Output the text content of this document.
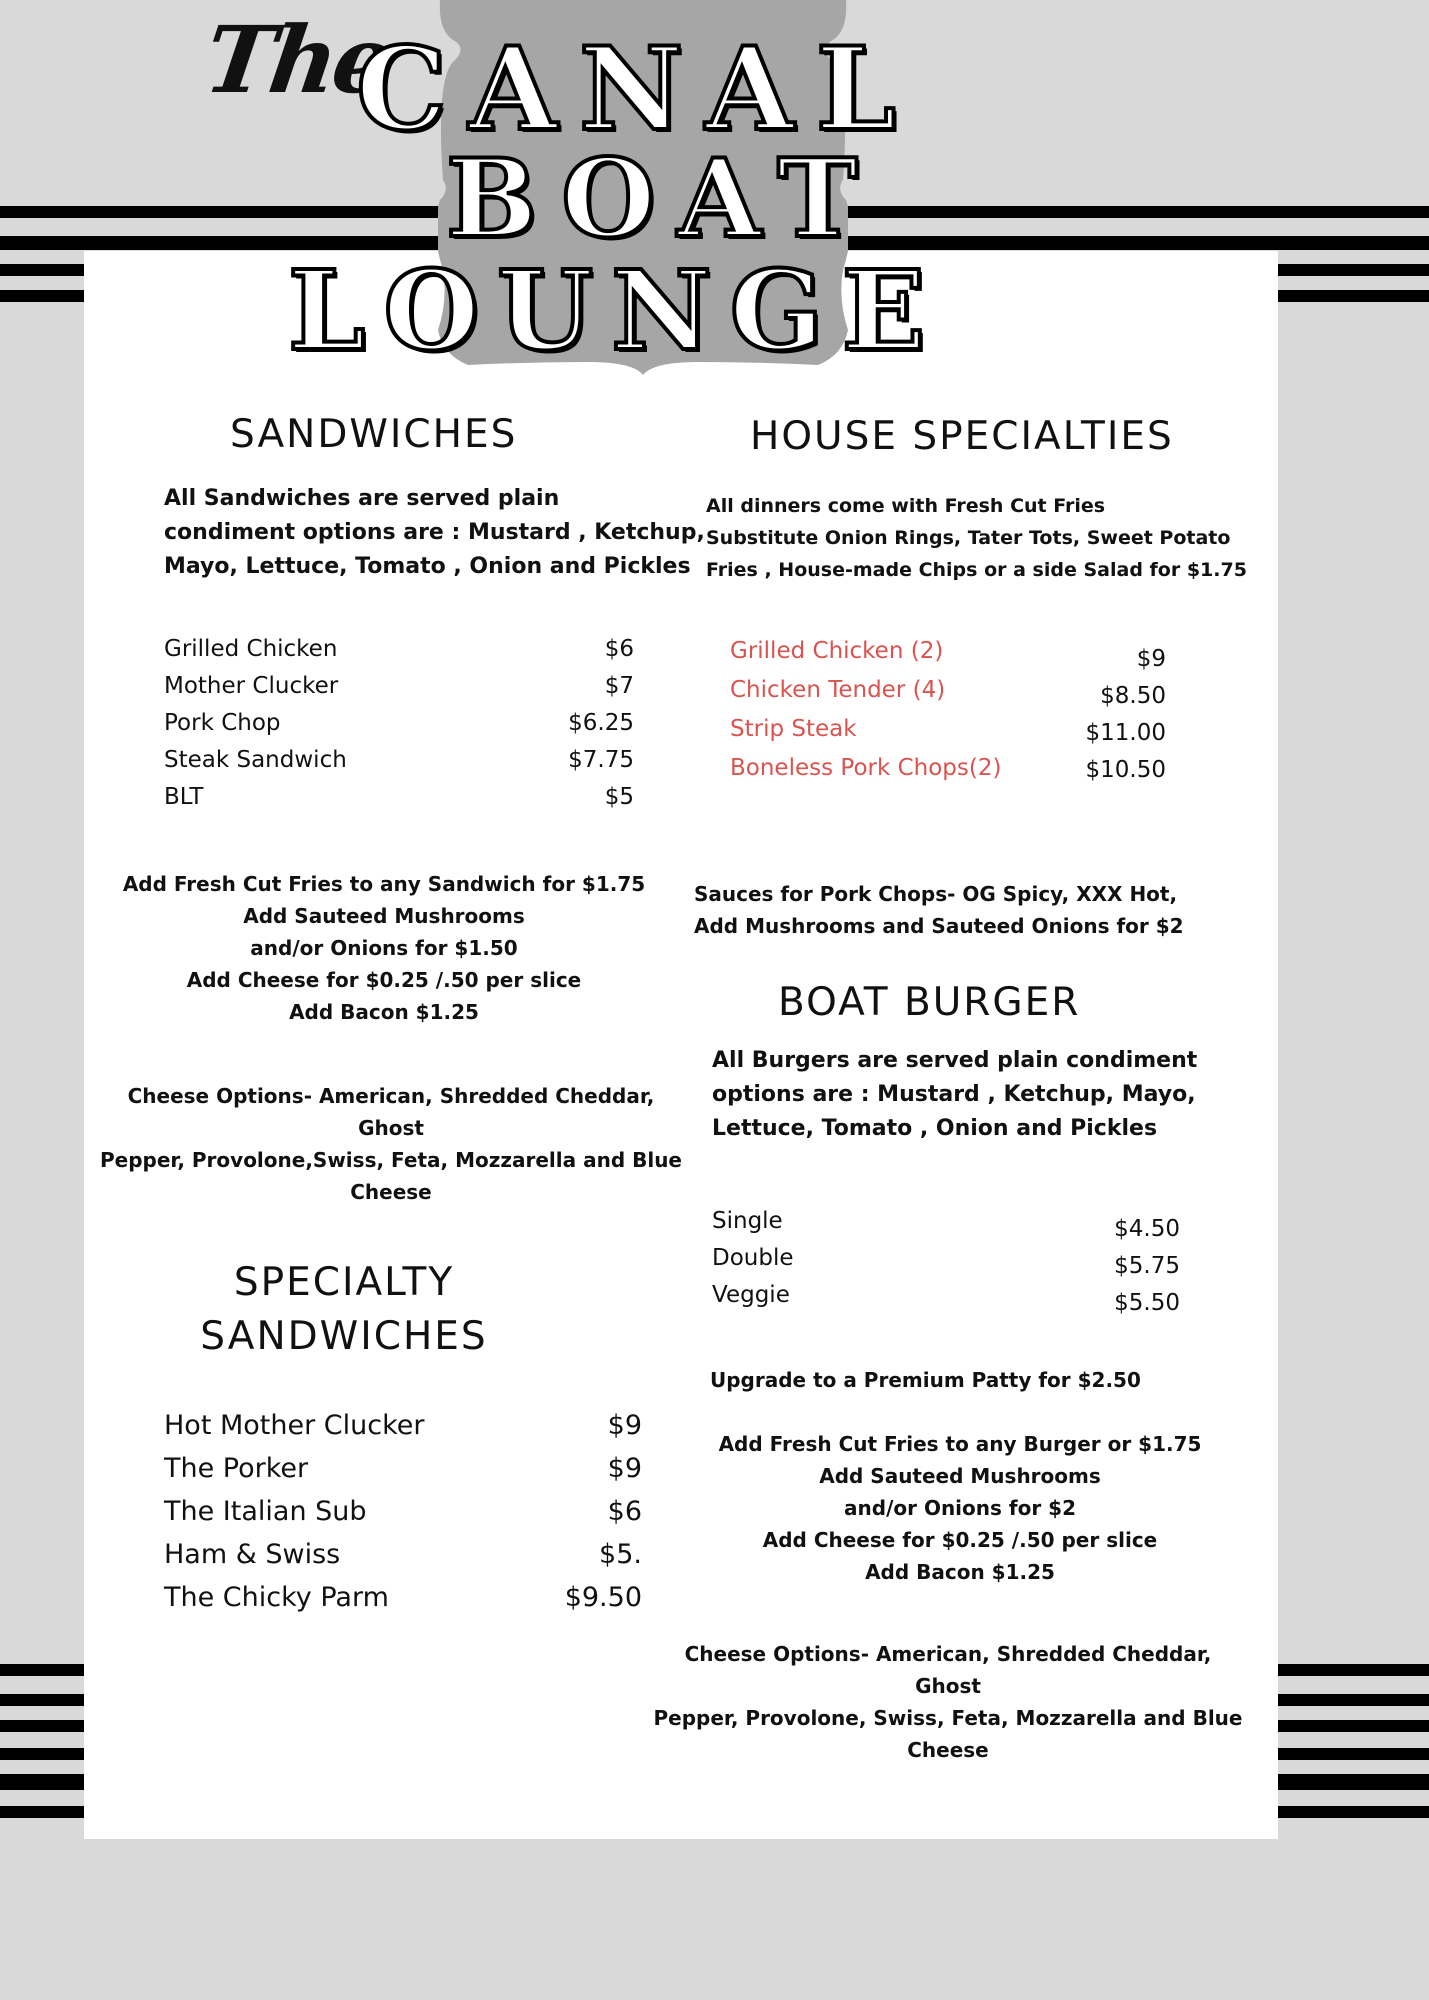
The
CANAL
BOAT
LOUNGE
SANDWICHES
All Sandwiches are served plain
condiment options are : Mustard , Ketchup,
Mayo, Lettuce, Tomato , Onion and Pickles
Grilled Chicken	$6
Mother Clucker	$7
Pork Chop	$6.25
Steak Sandwich	$7.75
BLT	$5
Add Fresh Cut Fries to any Sandwich for $1.75
Add Sauteed Mushrooms
and/or Onions for $1.50
Add Cheese for $0.25 /.50 per slice
Add Bacon $1.25
Cheese Options- American, Shredded Cheddar, Ghost
Pepper, Provolone,Swiss, Feta, Mozzarella and Blue
Cheese
SPECIALTY
SANDWICHES
Hot Mother Clucker	$9
The Porker	$9
The Italian Sub	$6
Ham & Swiss	$5.
The Chicky Parm	$9.50
HOUSE SPECIALTIES
All dinners come with Fresh Cut Fries
Substitute Onion Rings, Tater Tots, Sweet Potato
Fries , House-made Chips or a side Salad for $1.75
Grilled Chicken (2)	$9
Chicken Tender (4)	$8.50
Strip Steak	$11.00
Boneless Pork Chops(2)	$10.50
Sauces for Pork Chops- OG Spicy, XXX Hot,
Add Mushrooms and Sauteed Onions for $2
BOAT BURGER
All Burgers are served plain condiment
options are : Mustard , Ketchup, Mayo,
Lettuce, Tomato , Onion and Pickles
Single	$4.50
Double	$5.75
Veggie	$5.50
Upgrade to a Premium Patty for $2.50
Add Fresh Cut Fries to any Burger or $1.75
Add Sauteed Mushrooms
and/or Onions for $2
Add Cheese for $0.25 /.50 per slice
Add Bacon $1.25
Cheese Options- American, Shredded Cheddar, Ghost
Pepper, Provolone, Swiss, Feta, Mozzarella and Blue
Cheese
